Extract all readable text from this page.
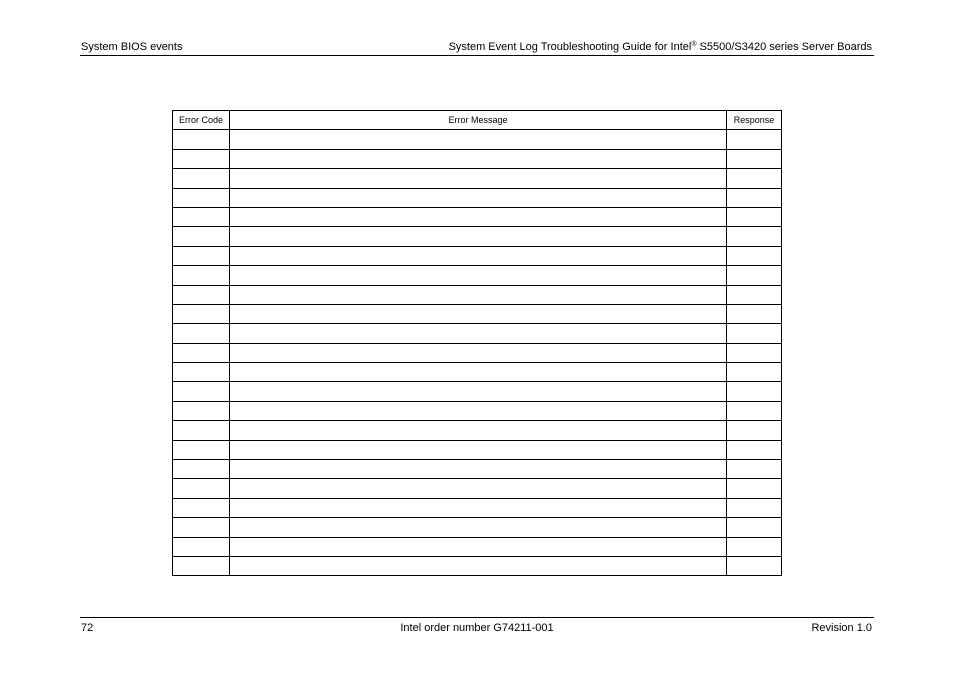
System BIOS events	System Event Log Troubleshooting Guide for Intel® S5500/S3420 series Server Boards
Error Code	Error Message	Response

72	Intel order number G74211-001	Revision 1.0
